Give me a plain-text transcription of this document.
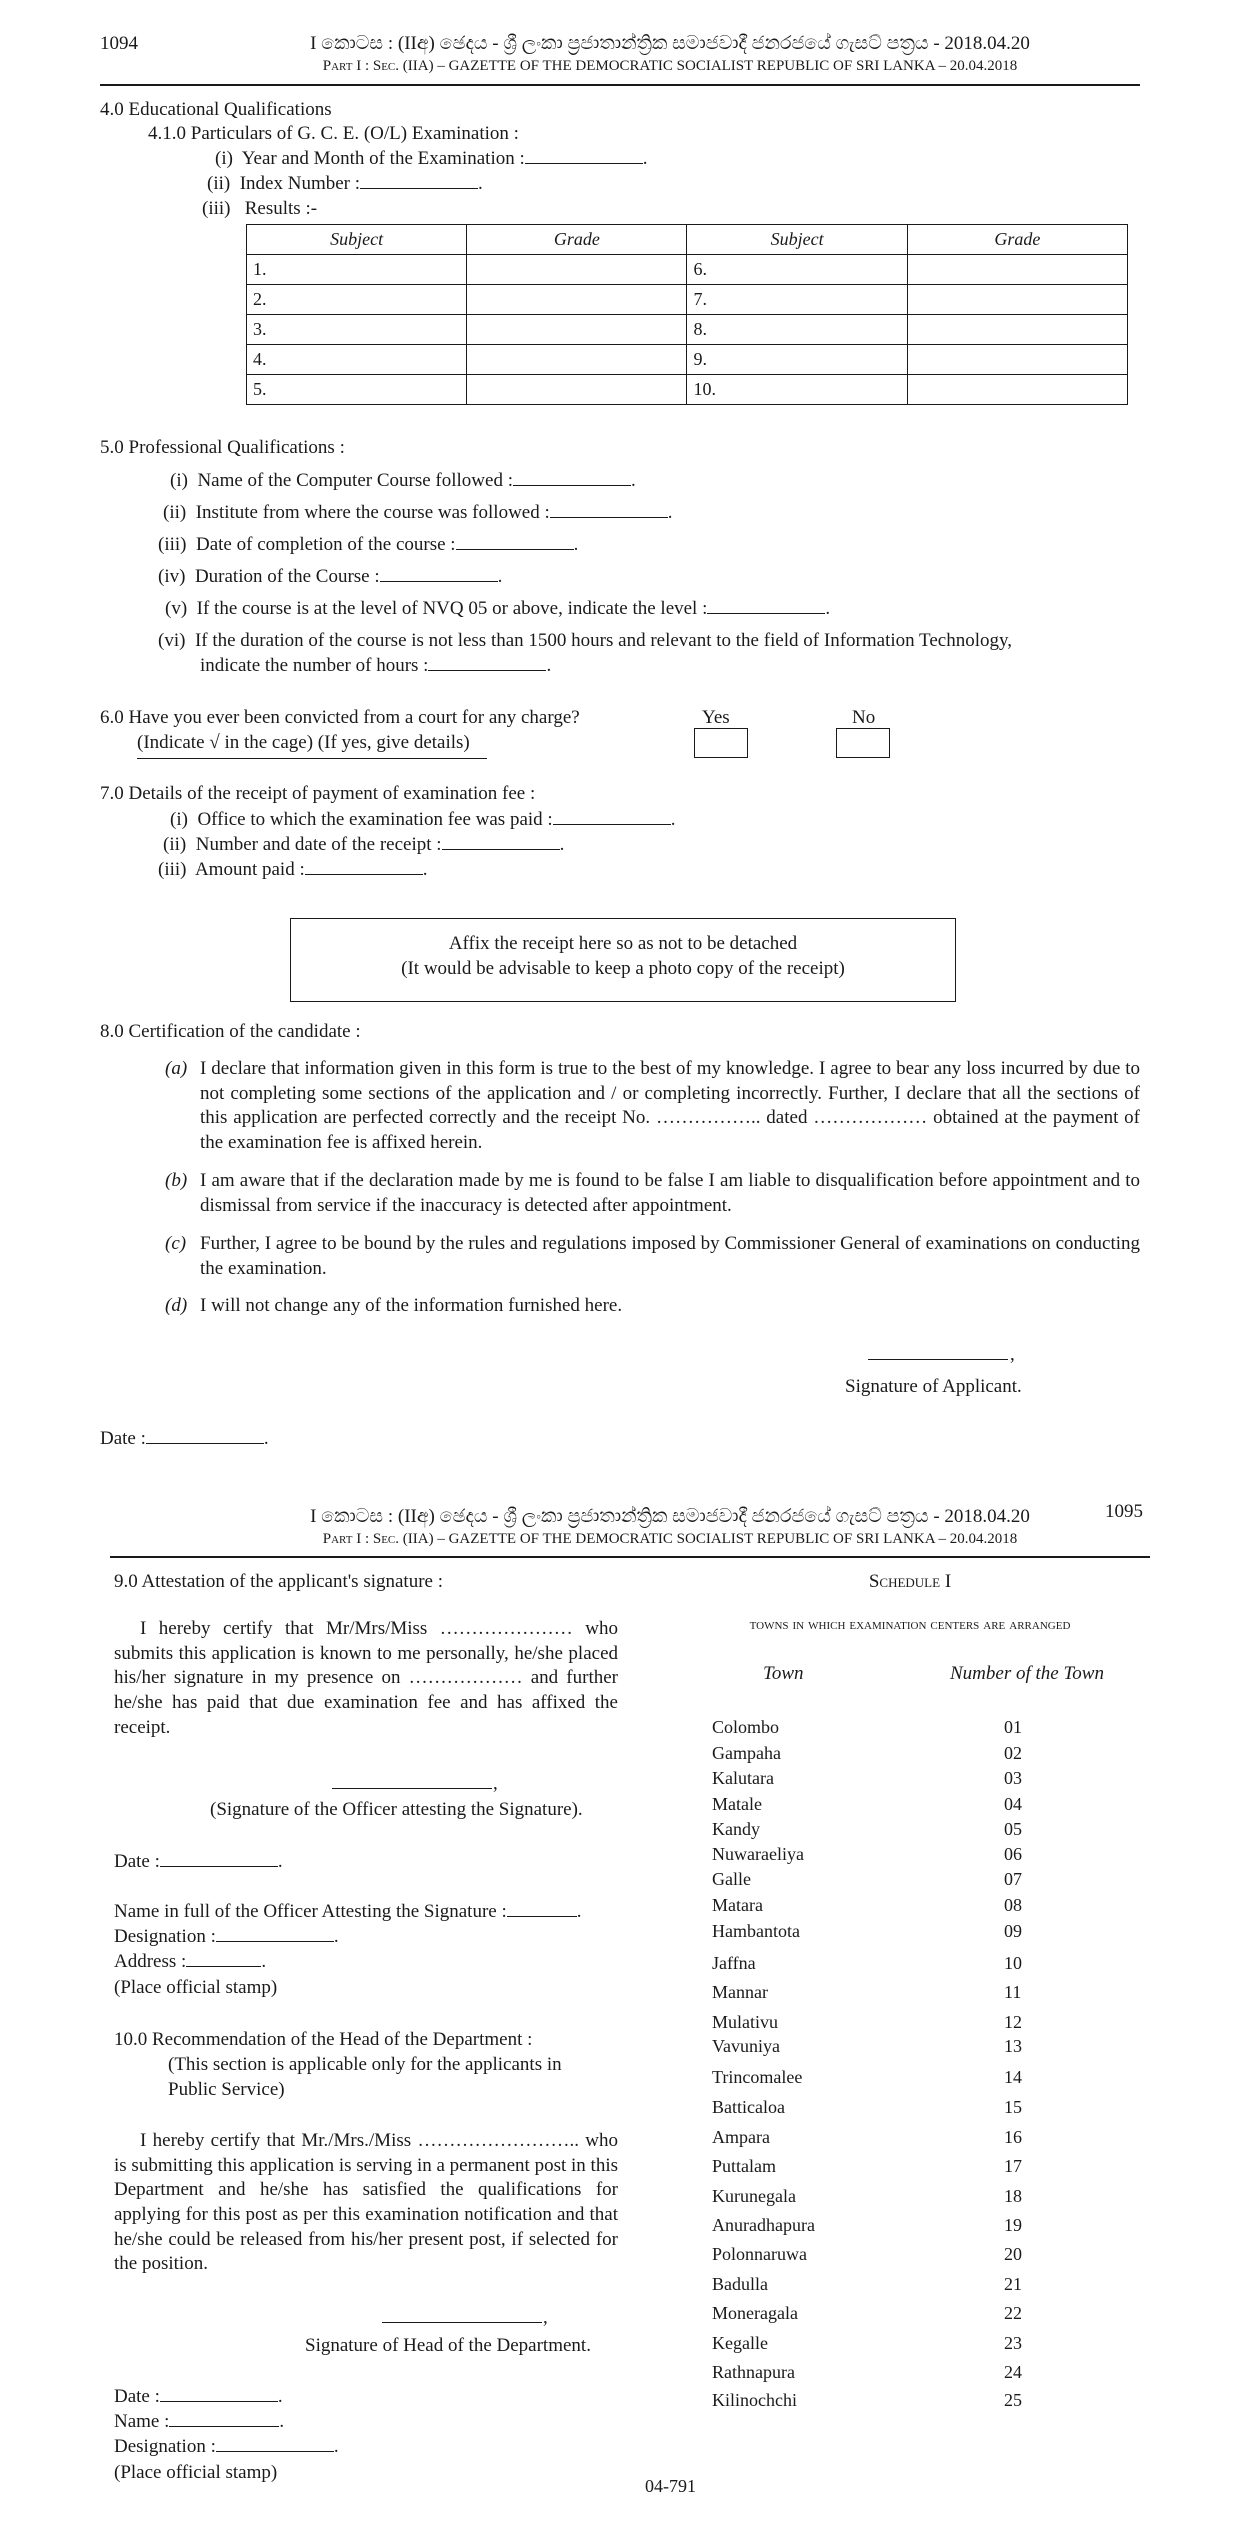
1094	I කොටස : (IIඅ) ඡෙදය - ශ්‍රී ලංකා ප්‍රජාතාන්ත්‍රික සමාජවාදී ජනරජයේ ගැසට් පත්‍රය - 2018.04.20
Part I : Sec. (IIA) – GAZETTE OF THE DEMOCRATIC SOCIALIST REPUBLIC OF SRI LANKA – 20.04.2018
4.0 Educational Qualifications
4.1.0 Particulars of G. C. E. (O/L) Examination :
(i) Year and Month of the Examination :	.
(ii) Index Number :	.
(iii) Results :-
Subject	Grade	Subject	Grade
1.		6.	
2.		7.	
3.		8.	
4.		9.	
5.		10.	
5.0 Professional Qualifications :
(i) Name of the Computer Course followed :	.
(ii) Institute from where the course was followed :	.
(iii) Date of completion of the course :	.
(iv) Duration of the Course :	.
(v) If the course is at the level of NVQ 05 or above, indicate the level :	.
(vi) If the duration of the course is not less than 1500 hours and relevant to the field of Information Technology,
indicate the number of hours :	.
6.0 Have you ever been convicted from a court for any charge?
(Indicate √ in the cage) (If yes, give details)
Yes	No
7.0 Details of the receipt of payment of examination fee :
(i) Office to which the examination fee was paid :	.
(ii) Number and date of the receipt :	.
(iii) Amount paid :	.
Affix the receipt here so as not to be detached
(It would be advisable to keep a photo copy of the receipt)
8.0 Certification of the candidate :
(a) I declare that information given in this form is true to the best of my knowledge. I agree to bear any loss incurred by due to not completing some sections of the application and / or completing incorrectly. Further, I declare that all the sections of this application are perfected correctly and the receipt No. …………….. dated ……………… obtained at the payment of the examination fee is affixed herein.
(b) I am aware that if the declaration made by me is found to be false I am liable to disqualification before appointment and to dismissal from service if the inaccuracy is detected after appointment.
(c) Further, I agree to be bound by the rules and regulations imposed by Commissioner General of examinations on conducting the examination.
(d) I will not change any of the information furnished here.
,
Signature of Applicant.
Date :	.
I කොටස : (IIඅ) ඡෙදය - ශ්‍රී ලංකා ප්‍රජාතාන්ත්‍රික සමාජවාදී ජනරජයේ ගැසට් පත්‍රය - 2018.04.20	1095
Part I : Sec. (IIA) – GAZETTE OF THE DEMOCRATIC SOCIALIST REPUBLIC OF SRI LANKA – 20.04.2018
9.0 Attestation of the applicant's signature :
I hereby certify that Mr/Mrs/Miss ………………… who submits this application is known to me personally, he/she placed his/her signature in my presence on ……………… and further he/she has paid that due examination fee and has affixed the receipt.
,
(Signature of the Officer attesting the Signature).
Date :	.
Name in full of the Officer Attesting the Signature :	.
Designation :	.
Address :	.
(Place official stamp)
10.0 Recommendation of the Head of the Department :
(This section is applicable only for the applicants in
Public Service)
I hereby certify that Mr./Mrs./Miss …………………….. who is submitting this application is serving in a permanent post in this Department and he/she has satisfied the qualifications for applying for this post as per this examination notification and that he/she could be released from his/her present post, if selected for the position.
,
Signature of Head of the Department.
Date :	.
Name :	.
Designation :	.
(Place official stamp)
Schedule I
towns in which examination centers are arranged
Town	Number of the Town
Colombo	01
Gampaha	02
Kalutara	03
Matale	04
Kandy	05
Nuwaraeliya	06
Galle	07
Matara	08
Hambantota	09
Jaffna	10
Mannar	11
Mulativu	12
Vavuniya	13
Trincomalee	14
Batticaloa	15
Ampara	16
Puttalam	17
Kurunegala	18
Anuradhapura	19
Polonnaruwa	20
Badulla	21
Moneragala	22
Kegalle	23
Rathnapura	24
Kilinochchi	25
04-791
